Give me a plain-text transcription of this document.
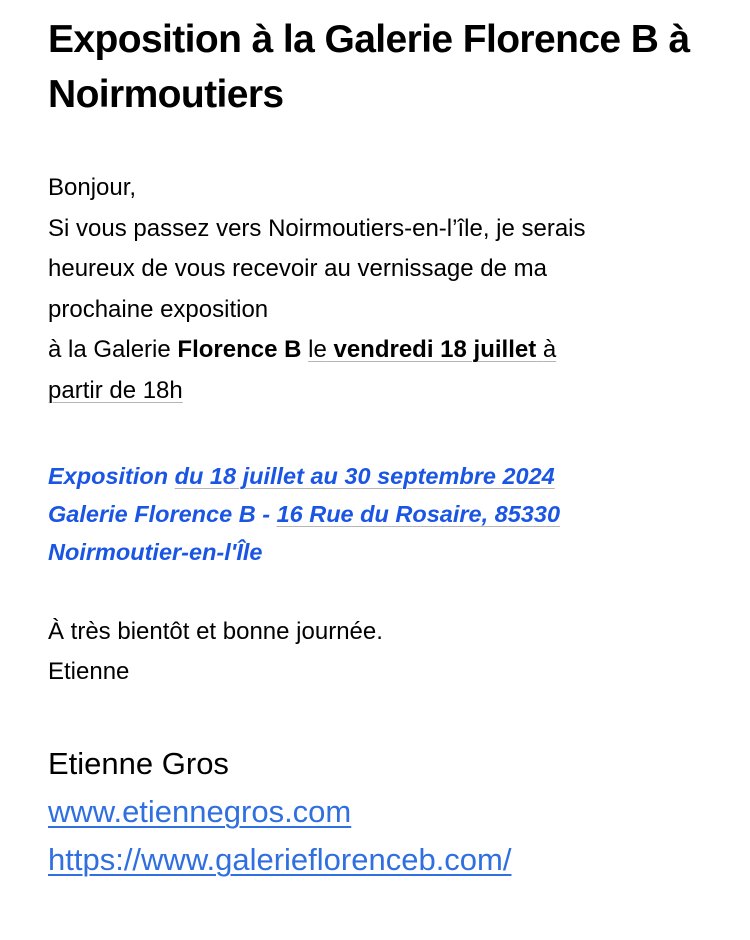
Exposition à la Galerie Florence B à Noirmoutiers
Bonjour,
Si vous passez vers Noirmoutiers-en-l’île, je serais
heureux de vous recevoir au vernissage de ma
prochaine exposition
à la Galerie Florence B le vendredi 18 juillet à
partir de 18h
Exposition du 18 juillet au 30 septembre 2024
Galerie Florence B - 16 Rue du Rosaire, 85330
Noirmoutier-en-l'Île
À très bientôt et bonne journée.
Etienne
Etienne Gros
www.etiennegros.com
https://www.galerieflorenceb.com/
